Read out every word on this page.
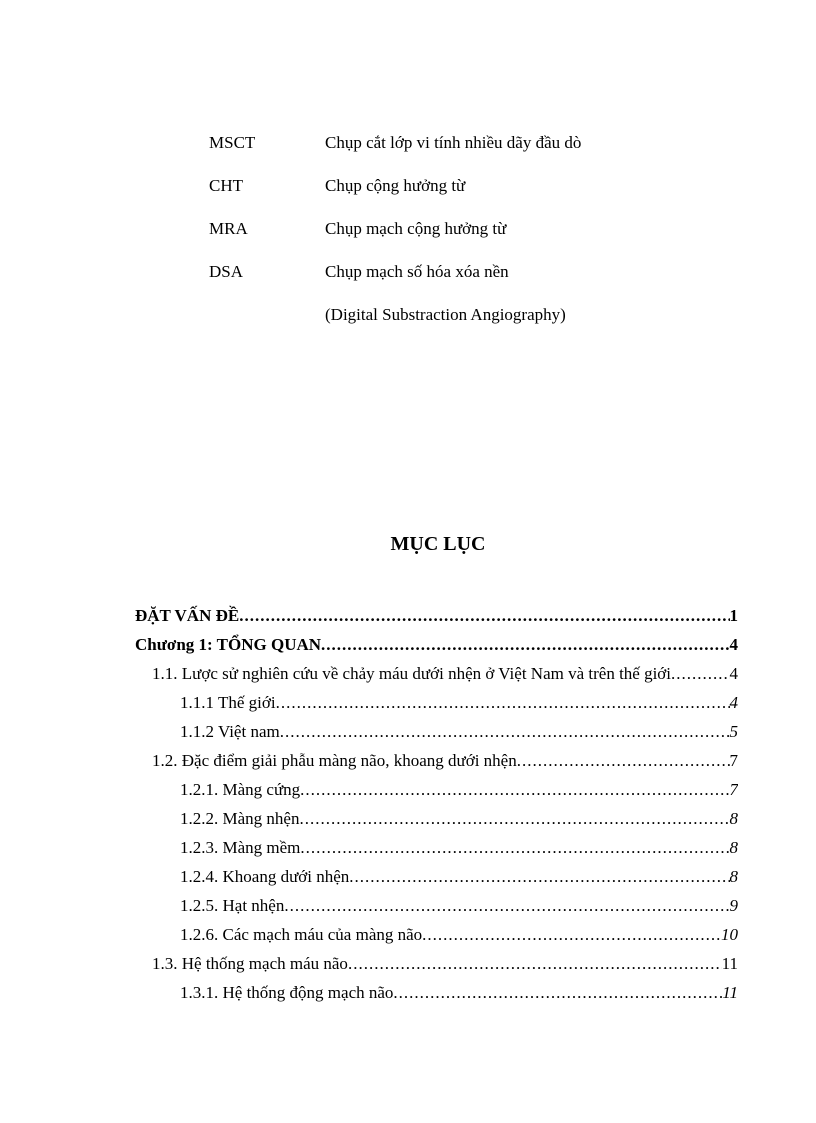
MSCT	Chụp cắt lớp vi tính nhiều dãy đầu dò
CHT	Chụp cộng hưởng từ
MRA	Chụp mạch cộng hưởng từ
DSA	Chụp mạch số hóa xóa nền
(Digital Substraction Angiography)
MỤC LỤC
ĐẶT VẤN ĐỀ .....	1
Chương 1: TỔNG QUAN .....	4
1.1. Lược sử nghiên cứu về chảy máu dưới nhện ở Việt Nam và trên thế giới .....	4
1.1.1 Thế giới .....	4
1.1.2 Việt nam .....	5
1.2. Đặc điểm giải phẫu màng não, khoang dưới nhện .....	7
1.2.1. Màng cứng .....	7
1.2.2. Màng nhện .....	8
1.2.3. Màng mềm .....	8
1.2.4. Khoang dưới nhện .....	8
1.2.5. Hạt nhện .....	9
1.2.6. Các mạch máu của màng não .....	10
1.3. Hệ thống mạch máu não .....	11
1.3.1. Hệ thống động mạch não .....	11
